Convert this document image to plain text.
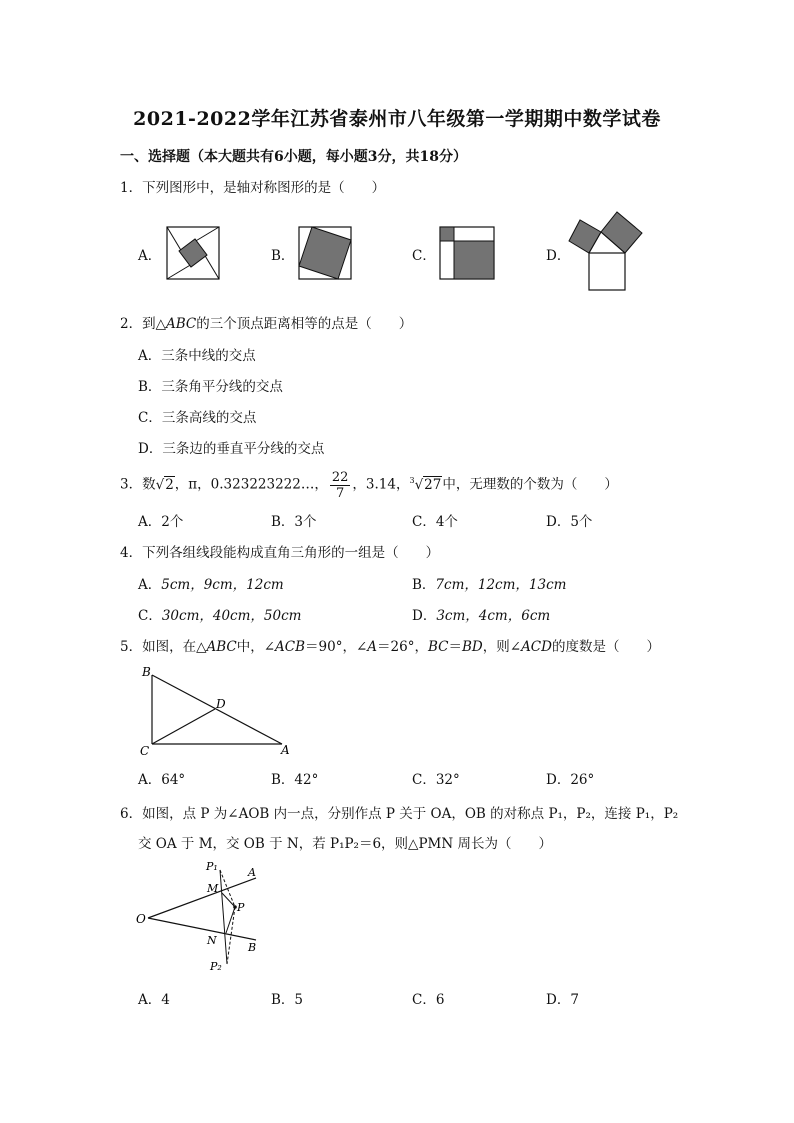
2021-2022学年江苏省泰州市八年级第一学期期中数学试卷
一、选择题（本大题共有6小题，每小题3分，共18分）
1．下列图形中，是轴对称图形的是（　　）
A．	B．	C．	D．
2．到△ABC的三个顶点距离相等的点是（　　）
A．三条中线的交点
B．三条角平分线的交点
C．三条高线的交点
D．三条边的垂直平分线的交点
3．数√2，π，0.323223222…， $\frac{22}{7}$ ，3.14，$^3$√27中，无理数的个数为（　　）
A．2个	B．3个	C．4个	D．5个
4．下列各组线段能构成直角三角形的一组是（　　）
A．5cm，9cm，12cm	B．7cm，12cm，13cm
C．30cm，40cm，50cm	D．3cm，4cm，6cm
5．如图，在△ABC中，∠ACB＝90°，∠A＝26°，BC＝BD，则∠ACD的度数是（　　）
B
C	A
D
A．64°	B．42°	C．32°	D．26°
6．如图，点 P 为∠AOB 内一点，分别作点 P 关于 OA，OB 的对称点 P₁，P₂，连接 P₁，P₂
交 OA 于 M，交 OB 于 N，若 P₁P₂＝6，则△PMN 周长为（　　）
P₁	A
M
P
O
N
B
P₂
A．4	B．5	C．6	D．7
